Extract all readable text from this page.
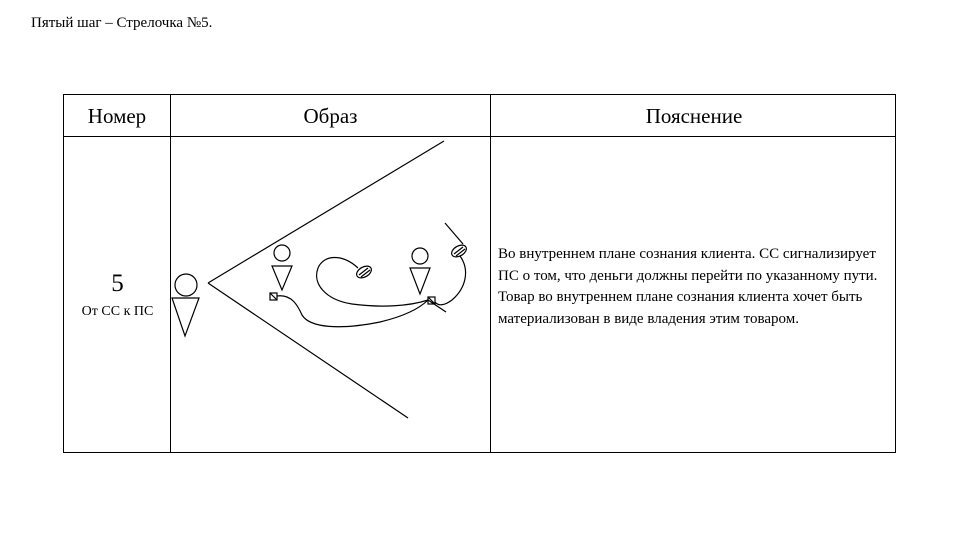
Пятый шаг – Стрелочка №5.
Номер	Образ	Пояснение
5
От СС к ПС
Во внутреннем плане сознания клиента. СС сигнализирует ПС о том, что деньги должны перейти по указанному пути. Товар во внутреннем плане сознания клиента хочет быть материализован в виде владения этим товаром.
